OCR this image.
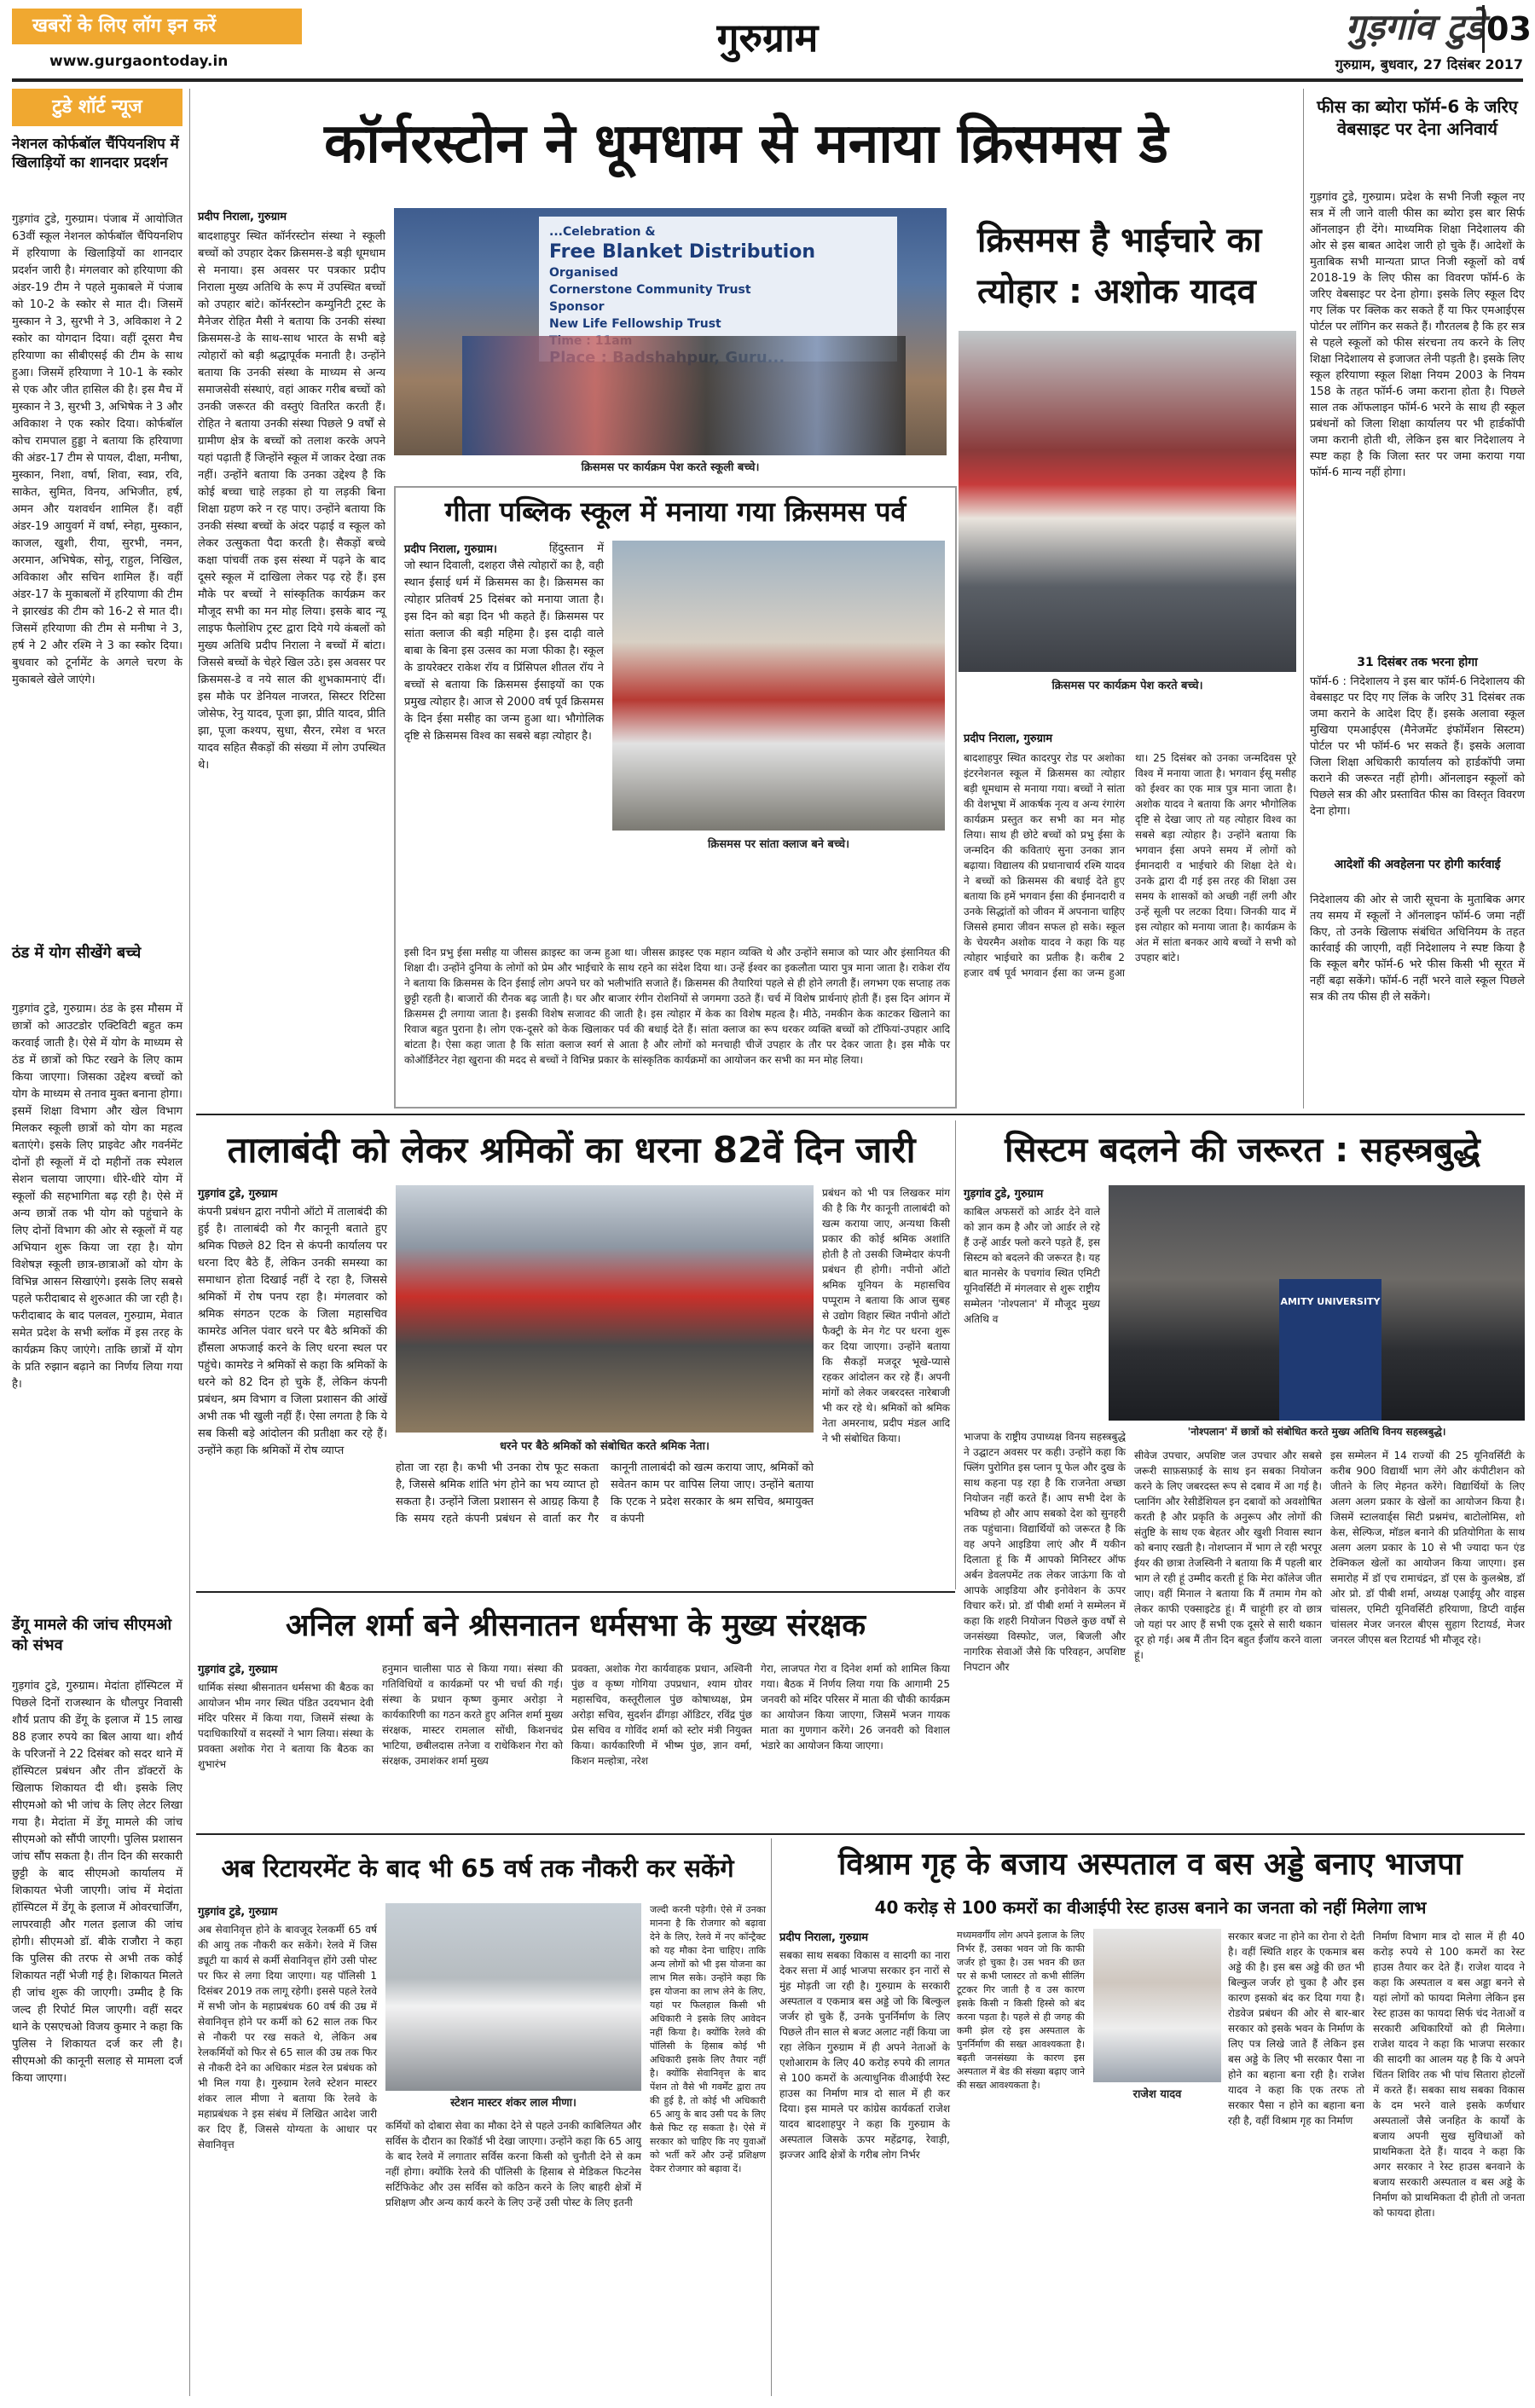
खबरों के लिए लॉग इन करें
www.gurgaontoday.in
गुरुग्राम	गुड़गांव टुडे 03
गुरुग्राम, बुधवार, 27 दिसंबर 2017
टुडे शॉर्ट न्यूज
नेशनल कोर्फबॉल चैंपियनशिप में खिलाड़ियों का शानदार प्रदर्शन
गुड़गांव टुडे, गुरुग्राम। पंजाब में आयोजित 63वीं स्कूल नेशनल कोर्फबॉल चैंपियनशिप में हरियाणा के खिलाड़ियों का शानदार प्रदर्शन जारी है। मंगलवार को हरियाणा की अंडर-19 टीम ने पहले मुकाबले में पंजाब को 10-2 के स्कोर से मात दी। जिसमें मुस्कान ने 3, सुरभी ने 3, अविकाश ने 2 स्कोर का योगदान दिया। वहीं दूसरा मैच हरियाणा का सीबीएसई की टीम के साथ हुआ। जिसमें हरियाणा ने 10-1 के स्कोर से एक और जीत हासिल की है। इस मैच में मुस्कान ने 3, सुरभी 3, अभिषेक ने 3 और अविकाश ने एक स्कोर दिया। कोर्फबॉल कोच रामपाल हुड्डा ने बताया कि हरियाणा की अंडर-17 टीम से पायल, दीक्षा, मनीषा, मुस्कान, निशा, वर्षा, शिवा, स्वप्न, रवि, साकेत, सुमित, विनय, अभिजीत, हर्ष, अमन और यशवर्धन शामिल हैं। वहीं अंडर-19 आयुवर्ग में वर्षा, स्नेहा, मुस्कान, काजल, खुशी, रीया, सुरभी, नमन, अरमान, अभिषेक, सोनू, राहुल, निखिल, अविकाश और सचिन शामिल हैं। वहीं अंडर-17 के मुकाबलों में हरियाणा की टीम ने झारखंड की टीम को 16-2 से मात दी। जिसमें हरियाणा की टीम से मनीषा ने 3, हर्ष ने 2 और रश्मि ने 3 का स्कोर दिया। बुधवार को टूर्नामेंट के अगले चरण के मुकाबले खेले जाएंगे।
ठंड में योग सीखेंगे बच्चे
गुड़गांव टुडे, गुरुग्राम। ठंड के इस मौसम में छात्रों को आउटडोर एक्टिविटी बहुत कम करवाई जाती है। ऐसे में योग के माध्यम से ठंड में छात्रों को फिट रखने के लिए काम किया जाएगा। जिसका उद्देश्य बच्चों को योग के माध्यम से तनाव मुक्त बनाना होगा। इसमें शिक्षा विभाग और खेल विभाग मिलकर स्कूली छात्रों को योग का महत्व बताएंगे। इसके लिए प्राइवेट और गवर्नमेंट दोनों ही स्कूलों में दो महीनों तक स्पेशल सेशन चलाया जाएगा। धीरे-धीरे योग में स्कूलों की सहभागिता बढ़ रही है। ऐसे में अन्य छात्रों तक भी योग को पहुंचाने के लिए दोनों विभाग की ओर से स्कूलों में यह अभियान शुरू किया जा रहा है। योग विशेषज्ञ स्कूली छात्र-छात्राओं को योग के विभिन्न आसन सिखाएंगे। इसके लिए सबसे पहले फरीदाबाद से शुरुआत की जा रही है। फरीदाबाद के बाद पलवल, गुरुग्राम, मेवात समेत प्रदेश के सभी ब्लॉक में इस तरह के कार्यक्रम किए जाएंगे। ताकि छात्रों में योग के प्रति रुझान बढ़ाने का निर्णय लिया गया है।
डेंगू मामले की जांच सीएमओ को संभव
गुड़गांव टुडे, गुरुग्राम। मेदांता हॉस्पिटल में पिछले दिनों राजस्थान के धौलपुर निवासी शौर्य प्रताप की डेंगू के इलाज में 15 लाख 88 हजार रुपये का बिल आया था। शौर्य के परिजनों ने 22 दिसंबर को सदर थाने में हॉस्पिटल प्रबंधन और तीन डॉक्टरों के खिलाफ शिकायत दी थी। इसके लिए सीएमओ को भी जांच के लिए लेटर लिखा गया है। मेदांता में डेंगू मामले की जांच सीएमओ को सौंपी जाएगी। पुलिस प्रशासन जांच सौंप सकता है। तीन दिन की सरकारी छुट्टी के बाद सीएमओ कार्यालय में शिकायत भेजी जाएगी। जांच में मेदांता हॉस्पिटल में डेंगू के इलाज में ओवरचार्जिंग, लापरवाही और गलत इलाज की जांच होगी। सीएमओ डॉ. बीके राजौरा ने कहा कि पुलिस की तरफ से अभी तक कोई शिकायत नहीं भेजी गई है। शिकायत मिलते ही जांच शुरू की जाएगी। उम्मीद है कि जल्द ही रिपोर्ट मिल जाएगी। वहीं सदर थाने के एसएचओ विजय कुमार ने कहा कि पुलिस ने शिकायत दर्ज कर ली है। सीएमओ की कानूनी सलाह से मामला दर्ज किया जाएगा।
कॉर्नरस्टोन ने धूमधाम से मनाया क्रिसमस डे
प्रदीप निराला, गुरुग्राम
बादशाहपुर स्थित कॉर्नरस्टोन संस्था ने स्कूली बच्चों को उपहार देकर क्रिसमस-डे बड़ी धूमधाम से मनाया। इस अवसर पर पत्रकार प्रदीप निराला मुख्य अतिथि के रूप में उपस्थित बच्चों को उपहार बांटे। कॉर्नरस्टोन कम्युनिटी ट्रस्ट के मैनेजर रोहित मैसी ने बताया कि उनकी संस्था क्रिसमस-डे के साथ-साथ भारत के सभी बड़े त्योहारों को बड़ी श्रद्धापूर्वक मनाती है। उन्होंने बताया कि उनकी संस्था के माध्यम से अन्य समाजसेवी संस्थाएं, वहां आकर गरीब बच्चों को उनकी जरूरत की वस्तुएं वितरित करती हैं। रोहित ने बताया उनकी संस्था पिछले 9 वर्षों से ग्रामीण क्षेत्र के बच्चों को तलाश करके अपने यहां पढ़ाती हैं जिन्होंने स्कूल में जाकर देखा तक नहीं। उन्होंने बताया कि उनका उद्देश्य है कि कोई बच्चा चाहे लड़का हो या लड़की बिना शिक्षा ग्रहण करे न रह पाए। उन्होंने बताया कि उनकी संस्था बच्चों के अंदर पढ़ाई व स्कूल को लेकर उत्सुकता पैदा करती है। सैकड़ों बच्चे कक्षा पांचवीं तक इस संस्था में पढ़ने के बाद दूसरे स्कूल में दाखिला लेकर पढ़ रहे हैं। इस मौके पर बच्चों ने सांस्कृतिक कार्यक्रम कर मौजूद सभी का मन मोह लिया। इसके बाद न्यू लाइफ फैलोशिप ट्रस्ट द्वारा दिये गये कंबलों को मुख्य अतिथि प्रदीप निराला ने बच्चों में बांटा। जिससे बच्चों के चेहरे खिल उठे। इस अवसर पर क्रिसमस-डे व नये साल की शुभकामनाएं दीं। इस मौके पर डेनियल नाजरत, सिस्टर रिटिसा जोसेफ, रेनु यादव, पूजा झा, प्रीति यादव, प्रीति झा, पूजा कश्यप, सुधा, सैरन, रमेश व भरत यादव सहित सैकड़ों की संख्या में लोग उपस्थित थे।
...Celebration &
Free Blanket Distribution
Organised
Cornerstone Community Trust
Sponsor
New Life Fellowship Trust
क्रिसमस पर कार्यक्रम पेश करते स्कूली बच्चे।
गीता पब्लिक स्कूल में मनाया गया क्रिसमस पर्व
प्रदीप निराला, गुरुग्राम।	हिंदुस्तान में जो स्थान दिवाली, दशहरा जैसे त्योहारों का है, वही स्थान ईसाई धर्म में क्रिसमस का है। क्रिसमस का त्योहार प्रतिवर्ष 25 दिसंबर को मनाया जाता है। इस दिन को बड़ा दिन भी कहते हैं। क्रिसमस पर सांता क्लाज की बड़ी महिमा है। इस दाढ़ी वाले बाबा के बिना इस उत्सव का मजा फीका है। स्कूल के डायरेक्टर राकेश रॉय व प्रिंसिपल शीतल रॉय ने बच्चों से बताया कि क्रिसमस ईसाइयों का एक प्रमुख त्योहार है। आज से 2000 वर्ष पूर्व क्रिसमस के दिन ईसा मसीह का जन्म हुआ था। भौगोलिक दृष्टि से क्रिसमस विश्व का सबसे बड़ा त्योहार है।
क्रिसमस पर सांता क्लाज बने बच्चे।
इसी दिन प्रभु ईसा मसीह या जीसस क्राइस्ट का जन्म हुआ था। जीसस क्राइस्ट एक महान व्यक्ति थे और उन्होंने समाज को प्यार और इंसानियत की शिक्षा दी। उन्होंने दुनिया के लोगों को प्रेम और भाईचारे के साथ रहने का संदेश दिया था। उन्हें ईश्वर का इकलौता प्यारा पुत्र माना जाता है। राकेश रॉय ने बताया कि क्रिसमस के दिन ईसाई लोग अपने घर को भलीभांति सजाते हैं। क्रिसमस की तैयारियां पहले से ही होने लगती हैं। लगभग एक सप्ताह तक छुट्टी रहती है। बाजारों की रौनक बढ़ जाती है। घर और बाजार रंगीन रोशनियों से जगमगा उठते हैं। चर्च में विशेष प्रार्थनाएं होती हैं। इस दिन आंगन में क्रिसमस ट्री लगाया जाता है। इसकी विशेष सजावट की जाती है। इस त्योहार में केक का विशेष महत्व है। मीठे, नमकीन केक काटकर खिलाने का रिवाज बहुत पुराना है। लोग एक-दूसरे को केक खिलाकर पर्व की बधाई देते हैं। सांता क्लाज का रूप धरकर व्यक्ति बच्चों को टॉफियां-उपहार आदि बांटता है। ऐसा कहा जाता है कि सांता क्लाज स्वर्ग से आता है और लोगों को मनचाही चीजें उपहार के तौर पर देकर जाता है। इस मौके पर कोऑर्डिनेटर नेहा खुराना की मदद से बच्चों ने विभिन्न प्रकार के सांस्कृतिक कार्यक्रमों का आयोजन कर सभी का मन मोह लिया।
क्रिसमस है भाईचारे का त्योहार : अशोक यादव
क्रिसमस पर कार्यक्रम पेश करते बच्चे।
प्रदीप निराला, गुरुग्राम
बादशाहपुर स्थित कादरपुर रोड पर अशोका इंटरनेशनल स्कूल में क्रिसमस का त्योहार बड़ी धूमधाम से मनाया गया। बच्चों ने सांता की वेशभूषा में आकर्षक नृत्य व अन्य रंगारंग कार्यक्रम प्रस्तुत कर सभी का मन मोह लिया। साथ ही छोटे बच्चों को प्रभु ईसा के जन्मदिन की कविताएं सुना उनका ज्ञान बढ़ाया। विद्यालय की प्रधानाचार्य रश्मि यादव ने बच्चों को क्रिसमस की बधाई देते हुए बताया कि हमें भगवान ईसा की ईमानदारी व उनके सिद्धांतों को जीवन में अपनाना चाहिए जिससे हमारा जीवन सफल हो सके। स्कूल के चेयरमैन अशोक यादव ने कहा कि यह त्योहार भाईचारे का प्रतीक है। करीब 2 हजार वर्ष पूर्व भगवान ईसा का जन्म हुआ था। 25 दिसंबर को उनका जन्मदिवस पूरे विश्व में मनाया जाता है। भगवान ईसू मसीह को ईश्वर का एक मात्र पुत्र माना जाता है। अशोक यादव ने बताया कि अगर भौगोलिक दृष्टि से देखा जाए तो यह त्योहार विश्व का सबसे बड़ा त्योहार है। उन्होंने बताया कि भगवान ईसा अपने समय में लोगों को ईमानदारी व भाईचारे की शिक्षा देते थे। उनके द्वारा दी गई इस तरह की शिक्षा उस समय के शासकों को अच्छी नहीं लगी और उन्हें सूली पर लटका दिया। जिनकी याद में इस त्योहार को मनाया जाता है। कार्यक्रम के अंत में सांता बनकर आये बच्चों ने सभी को उपहार बांटे।
फीस का ब्योरा फॉर्म-6 के जरिए वेबसाइट पर देना अनिवार्य
गुड़गांव टुडे, गुरुग्राम। प्रदेश के सभी निजी स्कूल नए सत्र में ली जाने वाली फीस का ब्योरा इस बार सिर्फ ऑनलाइन ही देंगे। माध्यमिक शिक्षा निदेशालय की ओर से इस बाबत आदेश जारी हो चुके हैं। आदेशों के मुताबिक सभी मान्यता प्राप्त निजी स्कूलों को वर्ष 2018-19 के लिए फीस का विवरण फॉर्म-6 के जरिए वेबसाइट पर देना होगा। इसके लिए स्कूल दिए गए लिंक पर क्लिक कर सकते हैं या फिर एमआईएस पोर्टल पर लॉगिन कर सकते हैं। गौरतलब है कि हर सत्र से पहले स्कूलों को फीस संरचना तय करने के लिए शिक्षा निदेशालय से इजाजत लेनी पड़ती है। इसके लिए स्कूल हरियाणा स्कूल शिक्षा नियम 2003 के नियम 158 के तहत फॉर्म-6 जमा कराना होता है। पिछले साल तक ऑफलाइन फॉर्म-6 भरने के साथ ही स्कूल प्रबंधनों को जिला शिक्षा कार्यालय पर भी हार्डकॉपी जमा करानी होती थी, लेकिन इस बार निदेशालय ने स्पष्ट कहा है कि जिला स्तर पर जमा कराया गया फॉर्म-6 मान्य नहीं होगा।
31 दिसंबर तक भरना होगा
फॉर्म-6 : निदेशालय ने इस बार फॉर्म-6 निदेशालय की वेबसाइट पर दिए गए लिंक के जरिए 31 दिसंबर तक जमा कराने के आदेश दिए हैं। इसके अलावा स्कूल मुखिया एमआईएस (मैनेजमेंट इंफॉर्मेशन सिस्टम) पोर्टल पर भी फॉर्म-6 भर सकते हैं। इसके अलावा जिला शिक्षा अधिकारी कार्यालय को हार्डकॉपी जमा कराने की जरूरत नहीं होगी। ऑनलाइन स्कूलों को पिछले सत्र की और प्रस्तावित फीस का विस्तृत विवरण देना होगा।
आदेशों की अवहेलना पर होगी कार्रवाई
निदेशालय की ओर से जारी सूचना के मुताबिक अगर तय समय में स्कूलों ने ऑनलाइन फॉर्म-6 जमा नहीं किए, तो उनके खिलाफ संबंधित अधिनियम के तहत कार्रवाई की जाएगी, वहीं निदेशालय ने स्पष्ट किया है कि स्कूल बगैर फॉर्म-6 भरे फीस किसी भी सूरत में नहीं बढ़ा सकेंगे। फॉर्म-6 नहीं भरने वाले स्कूल पिछले सत्र की तय फीस ही ले सकेंगे।
तालाबंदी को लेकर श्रमिकों का धरना 82वें दिन जारी
गुड़गांव टुडे, गुरुग्राम
कंपनी प्रबंधन द्वारा नपीनो ऑटो में तालाबंदी की हुई है। तालाबंदी को गैर कानूनी बताते हुए श्रमिक पिछले 82 दिन से कंपनी कार्यालय पर धरना दिए बैठे हैं, लेकिन उनकी समस्या का समाधान होता दिखाई नहीं दे रहा है, जिससे श्रमिकों में रोष पनप रहा है। मंगलवार को श्रमिक संगठन एटक के जिला महासचिव कामरेड अनिल पंवार धरने पर बैठे श्रमिकों की हौंसला अफजाई करने के लिए धरना स्थल पर पहुंचे। कामरेड ने श्रमिकों से कहा कि श्रमिकों के धरने को 82 दिन हो चुके हैं, लेकिन कंपनी प्रबंधन, श्रम विभाग व जिला प्रशासन की आंखें अभी तक भी खुली नहीं हैं। ऐसा लगता है कि ये सब किसी बड़े आंदोलन की प्रतीक्षा कर रहे हैं। उन्होंने कहा कि श्रमिकों में रोष व्याप्त	धरने पर बैठे श्रमिकों को संबोधित करते श्रमिक नेता।
होता जा रहा है। कभी भी उनका रोष फूट सकता है, जिससे श्रमिक शांति भंग होने का भय व्याप्त हो सकता है। उन्होंने जिला प्रशासन से आग्रह किया है कि समय रहते कंपनी प्रबंधन से वार्ता कर गैर कानूनी तालाबंदी को खत्म कराया जाए, श्रमिकों को सवेतन काम पर वापिस लिया जाए। उन्होंने बताया कि एटक ने प्रदेश सरकार के श्रम सचिव, श्रमायुक्त व कंपनी
प्रबंधन को भी पत्र लिखकर मांग की है कि गैर कानूनी तालाबंदी को खत्म कराया जाए, अन्यथा किसी प्रकार की कोई श्रमिक अशांति होती है तो उसकी जिम्मेदार कंपनी प्रबंधन ही होगी। नपीनो ऑटो श्रमिक यूनियन के महासचिव पप्पूराम ने बताया कि आज सुबह से उद्योग विहार स्थित नपीनो ऑटो फैक्ट्री के मेन गेट पर धरना शुरू कर दिया जाएगा। उन्होंने बताया कि सैकड़ों मजदूर भूखे-प्यासे रहकर आंदोलन कर रहे हैं। अपनी मांगों को लेकर जबरदस्त नारेबाजी भी कर रहे थे। श्रमिकों को श्रमिक नेता अमरनाथ, प्रदीप मंडल आदि ने भी संबोधित किया।
सिस्टम बदलने की जरूरत : सहस्त्रबुद्धे
गुड़गांव टुडे, गुरुग्राम
काबिल अफसरों को आर्डर देने वाले को ज्ञान कम है और जो आर्डर ले रहे हैं उन्हें आर्डर फ्लो करने पड़ते हैं, इस सिस्टम को बदलने की जरूरत है। यह बात मानसेर के पचगांव स्थित एमिटी यूनिवर्सिटी में मंगलवार से शुरू राष्ट्रीय सम्मेलन 'नोश्पलान' में मौजूद मुख्य अतिथि व
AMITY UNIVERSITY
'नोश्पलान' में छात्रों को संबोधित करते मुख्य अतिथि विनय सहस्त्रबुद्धे।
भाजपा के राष्ट्रीय उपाध्यक्ष विनय सहस्त्रबुद्धे ने उद्घाटन अवसर पर कही। उन्होंने कहा कि फ्लिंग पुरोगित इस प्लान पू फेल और दुख के साथ कहना पड़ रहा है कि राजनेता अच्छा नियोजन नहीं करते हैं। आप सभी देश के भविष्य हो और आप सबको देश को सुनहरी तक पहुंचाना। विद्यार्थियों को जरूरत है कि वह अपने आइडिया लाएं और मैं यकीन दिलाता हूं कि मैं आपको मिनिस्टर ऑफ अर्बन डेवलपमेंट तक लेकर जाऊंगा कि वो आपके आइडिया और इनोवेशन के ऊपर विचार करें। प्रो. डॉ पीबी शर्मा ने सम्मेलन में कहा कि शहरी नियोजन पिछले कुछ वर्षों से जनसंख्या विस्फोट, जल, बिजली और नागरिक सेवाओं जैसे कि परिवहन, अपशिष्ट निपटान और
सीवेज उपचार, अपशिष्ट जल उपचार और सबसे जरूरी साफ़सफ़ाई के साथ इन सबका नियोजन करने के लिए जबरदस्त रूप से दबाव में आ गई है। प्लानिंग और रेसीडेंशियल इन दबावों को अवशोषित करती है और प्रकृति के अनुरूप और लोगों की संतुष्टि के साथ एक बेहतर और खुशी निवास स्थान को बनाए रखती है। नोशप्लान में भाग ले रही भरपूर ईयर की छात्रा तेजस्विनी ने बताया कि मैं पहली बार भाग ले रही हूं उम्मीद करती हूं कि मेरा कॉलेज जीत जाए। वहीं मिनाल ने बताया कि मैं तमाम गेम को लेकर काफी एक्साइटेड हूं। मैं चाहूंगी हर वो छात्र जो यहां पर आए हैं सभी एक दूसरे से सारी थकान दूर हो गई। अब मैं तीन दिन बहुत ईंजॉय करने वाला हूं।
इस सम्मेलन में 14 राज्यों की 25 यूनिवर्सिटी के करीब 900 विद्यार्थी भाग लेंगे और कंपीटीशन को जीतने के लिए मेहनत करेंगे। विद्यार्थियों के लिए अलग अलग प्रकार के खेलों का आयोजन किया है। जिसमें स्टालवार्ड्स सिटी प्रश्नमंच, बाटोलोमिस, शो केस, सेल्फिज, मॉडल बनाने की प्रतियोगिता के साथ अलग अलग प्रकार के 10 से भी ज्यादा फन एंड टेक्निकल खेलों का आयोजन किया जाएगा। इस समारोह में डॉ एच रामाचंद्रन, डॉ एस के कुलश्रेष्ठ, डॉ ओर प्रो. डॉ पीबी शर्मा, अध्यक्ष एआईयू और वाइस चांसलर, एमिटी यूनिवर्सिटी हरियाणा, डिप्टी वाईस चांसलर मेजर जनरल बीएस सुहाग रिटायर्ड, मेजर जनरल जीएस बल रिटायर्ड भी मौजूद रहे।
अनिल शर्मा बने श्रीसनातन धर्मसभा के मुख्य संरक्षक
गुड़गांव टुडे, गुरुग्राम
धार्मिक संस्था श्रीसनातन धर्मसभा की बैठक का आयोजन भीम नगर स्थित पंडित उदयभान देवी मंदिर परिसर में किया गया, जिसमें संस्था के पदाधिकारियों व सदस्यों ने भाग लिया। संस्था के प्रवक्ता अशोक गेरा ने बताया कि बैठक का शुभारंभ
हनुमान चालीसा पाठ से किया गया। संस्था की गतिविधियों व कार्यक्रमों पर भी चर्चा की गई। संस्था के प्रधान कृष्ण कुमार अरोड़ा ने कार्यकारिणी का गठन करते हुए अनिल शर्मा मुख्य संरक्षक, मास्टर रामलाल सोंधी, किशनचंद भाटिया, छबीलदास तनेजा व राधेकिशन गेरा को संरक्षक, उमाशंकर शर्मा मुख्य
प्रवक्ता, अशोक गेरा कार्यवाहक प्रधान, अश्विनी पुंछ व कृष्ण गोगिया उपप्रधान, श्याम ग्रोवर महासचिव, कस्तूरीलाल पुंछ कोषाध्यक्ष, प्रेम अरोड़ा सचिव, सुदर्शन ढींगड़ा ऑडिटर, रविंद्र पुंछ प्रेस सचिव व गोविंद शर्मा को स्टोर मंत्री नियुक्त किया। कार्यकारिणी में भीष्म पुंछ, ज्ञान वर्मा, किशन मल्होत्रा, नरेश
गेरा, लाजपत गेरा व दिनेश शर्मा को शामिल किया गया। बैठक में निर्णय लिया गया कि आगामी 25 जनवरी को मंदिर परिसर में माता की चौकी कार्यक्रम का आयोजन किया जाएगा, जिसमें भजन गायक माता का गुणगान करेंगे। 26 जनवरी को विशाल भंडारे का आयोजन किया जाएगा।
अब रिटायरमेंट के बाद भी 65 वर्ष तक नौकरी कर सकेंगे
गुड़गांव टुडे, गुरुग्राम
अब सेवानिवृत्त होने के बावजूद रेलकर्मी 65 वर्ष की आयु तक नौकरी कर सकेंगे। रेलवे में जिस ड्यूटी या कार्य से कर्मी सेवानिवृत्त होंगे उसी पोस्ट पर फिर से लगा दिया जाएगा। यह पॉलिसी 1 दिसंबर 2019 तक लागू रहेगी। इससे पहले रेलवे में सभी जोन के महाप्रबंधक 60 वर्ष की उम्र में सेवानिवृत्त होने पर कर्मी को 62 साल तक फिर से नौकरी पर रख सकते थे, लेकिन अब रेलकर्मियों को फिर से 65 साल की उम्र तक फिर से नौकरी देने का अधिकार मंडल रेल प्रबंधक को भी मिल गया है। गुरुग्राम रेलवे स्टेशन मास्टर शंकर लाल मीणा ने बताया कि रेलवे के महाप्रबंधक ने इस संबंध में लिखित आदेश जारी कर दिए हैं, जिससे योग्यता के आधार पर सेवानिवृत्त
स्टेशन मास्टर शंकर लाल मीणा।
कर्मियों को दोबारा सेवा का मौका देने से पहले उनकी काबिलियत और सर्विस के दौरान का रिकॉर्ड भी देखा जाएगा। उन्होंने कहा कि 65 आयु के बाद रेलवे में लगातार सर्विस करना किसी को चुनौती देने से कम नहीं होगा। क्योंकि रेलवे की पॉलिसी के हिसाब से मेडिकल फिटनेस सर्टिफिकेट और उस सर्विस को कठिन करने के लिए बाहरी क्षेत्रों में प्रशिक्षण और अन्य कार्य करने के लिए उन्हें उसी पोस्ट के लिए इतनी
जल्दी करनी पड़ेगी। ऐसे में उनका मानना है कि रोजगार को बढ़ावा देने के लिए, रेलवे में नए कॉन्ट्रैक्ट को यह मौका देना चाहिए। ताकि अन्य लोगों को भी इस योजना का लाभ मिल सके। उन्होंने कहा कि इस योजना का लाभ लेने के लिए, यहां पर फिलहाल किसी भी अधिकारी ने इसके लिए आवेदन नहीं किया है। क्योंकि रेलवे की पॉलिसी के हिसाब कोई भी अधिकारी इसके लिए तैयार नहीं है। क्योंकि सेवानिवृत्त के बाद पेंशन तो वैसे भी गवर्मेंट द्वारा तय की हुई है, तो कोई भी अधिकारी 65 आयु के बाद उसी पद के लिए कैसे फिट रह सकता है। ऐसे में सरकार को चाहिए कि नए युवाओं को भर्ती करें और उन्हें प्रशिक्षण देकर रोजगार को बढ़ावा दें।
विश्राम गृह के बजाय अस्पताल व बस अड्डे बनाए भाजपा
40 करोड़ से 100 कमरों का वीआईपी रेस्ट हाउस बनाने का जनता को नहीं मिलेगा लाभ
प्रदीप निराला, गुरुग्राम
सबका साथ सबका विकास व सादगी का नारा देकर सत्ता में आई भाजपा सरकार इन नारों से मुंह मोड़ती जा रही है। गुरुग्राम के सरकारी अस्पताल व एकमात्र बस अड्डे जो कि बिल्कुल जर्जर हो चुके हैं, उनके पुनर्निर्माण के लिए पिछले तीन साल से बजट अलाट नहीं किया जा रहा लेकिन गुरुग्राम में ही अपने नेताओं के एशोआराम के लिए 40 करोड़ रुपये की लागत से 100 कमरों के अत्याधुनिक वीआईपी रेस्ट हाउस का निर्माण मात्र दो साल में ही कर दिया। इस मामले पर कांग्रेस कार्यकर्ता राजेश यादव बादशाहपुर ने कहा कि गुरुग्राम के अस्पताल जिसके ऊपर महेंद्रगढ़, रेवाड़ी, झज्जर आदि क्षेत्रों के गरीब लोग निर्भर
मध्यमवर्गीय लोग अपने इलाज के लिए निर्भर हैं, उसका भवन जो कि काफी जर्जर हो चुका है। उस भवन की छत पर से कभी प्लास्टर तो कभी सीलिंग टूटकर गिर जाती है व उस कारण इसके किसी न किसी हिस्से को बंद करना पड़ता है। पहले से ही जगह की कमी झेल रहे इस अस्पताल के पुनर्निर्माण की सख्त आवश्यकता है। बढ़ती जनसंख्या के कारण इस अस्पताल में बेड की संख्या बढ़ाए जाने की सख्त आवश्यकता है।
राजेश यादव
सरकार बजट ना होने का रोना रो देती है। वहीं स्थिति शहर के एकमात्र बस अड्डे की है। इस बस अड्डे की छत भी बिल्कुल जर्जर हो चुका है और इस कारण इसको बंद कर दिया गया है। रोडवेज प्रबंधन की ओर से बार-बार सरकार को इसके भवन के निर्माण के लिए पत्र लिखे जाते हैं लेकिन इस बस अड्डे के लिए भी सरकार पैसा ना होने का बहाना बना रही है। राजेश यादव ने कहा कि एक तरफ तो सरकार पैसा न होने का बहाना बना रही है, वहीं विश्राम गृह का निर्माण
निर्माण विभाग मात्र दो साल में ही 40 करोड़ रुपये से 100 कमरों का रेस्ट हाउस तैयार कर देते हैं। राजेश यादव ने कहा कि अस्पताल व बस अड्डा बनने से यहां लोगों को फायदा मिलेगा लेकिन इस रेस्ट हाउस का फायदा सिर्फ चंद नेताओं व सरकारी अधिकारियों को ही मिलेगा। राजेश यादव ने कहा कि भाजपा सरकार की सादगी का आलम यह है कि ये अपने चिंतन शिविर तक भी पांच सितारा होटलों में करते हैं। सबका साथ सबका विकास के दम भरने वाले इसके कर्णधार अस्पतालों जैसे जनहित के कार्यों के बजाय अपनी सुख सुविधाओं को प्राथमिकता देते हैं। यादव ने कहा कि अगर सरकार ने रेस्ट हाउस बनवाने के बजाय सरकारी अस्पताल व बस अड्डे के निर्माण को प्राथमिकता दी होती तो जनता को फायदा होता।
